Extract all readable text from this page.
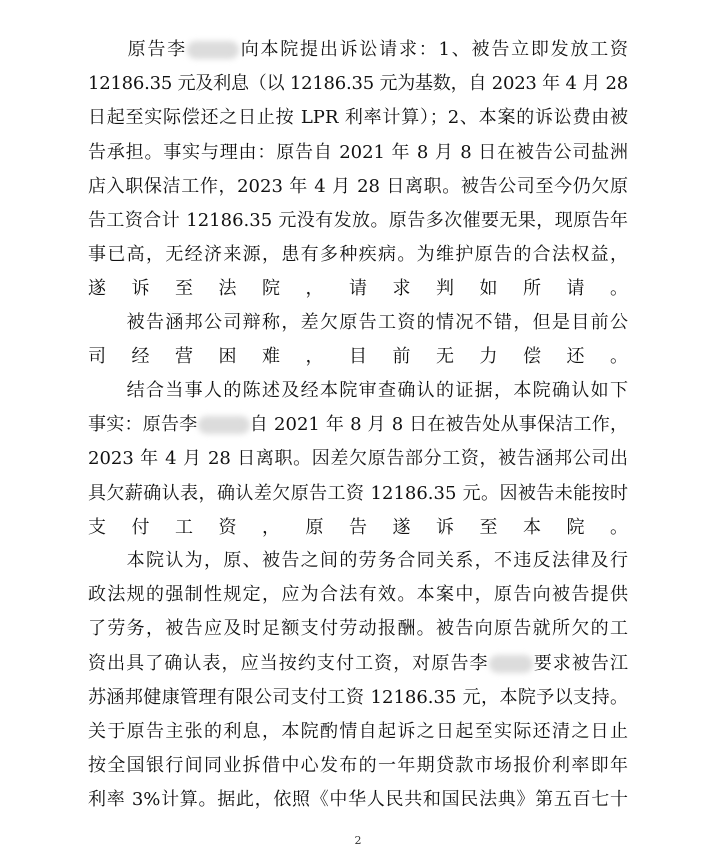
　　原告李	向本院提出诉讼请求：1、被告立即发放工资
12186.35 元及利息（以 12186.35 元为基数，自 2023 年 4 月 28
日起至实际偿还之日止按 LPR 利率计算）；2、本案的诉讼费由被
告承担。事实与理由：原告自 2021 年 8 月 8 日在被告公司盐洲
店入职保洁工作，2023 年 4 月 28 日离职。被告公司至今仍欠原
告工资合计 12186.35 元没有发放。原告多次催要无果，现原告年
事已高，无经济来源，患有多种疾病。为维护原告的合法权益，
遂诉至法院，请求判如所请。
　　被告涵邦公司辩称，差欠原告工资的情况不错，但是目前公
司经营困难，目前无力偿还。
　　结合当事人的陈述及经本院审查确认的证据，本院确认如下
事实：原告李	自 2021 年 8 月 8 日在被告处从事保洁工作，
2023 年 4 月 28 日离职。因差欠原告部分工资，被告涵邦公司出
具欠薪确认表，确认差欠原告工资 12186.35 元。因被告未能按时
支付工资，原告遂诉至本院。
　　本院认为，原、被告之间的劳务合同关系，不违反法律及行
政法规的强制性规定，应为合法有效。本案中，原告向被告提供
了劳务，被告应及时足额支付劳动报酬。被告向原告就所欠的工
资出具了确认表，应当按约支付工资，对原告李 要求被告江
苏涵邦健康管理有限公司支付工资 12186.35 元，本院予以支持。
关于原告主张的利息，本院酌情自起诉之日起至实际还清之日止
按全国银行间同业拆借中心发布的一年期贷款市场报价利率即年
利率 3%计算。据此，依照《中华人民共和国民法典》第五百七十
2
